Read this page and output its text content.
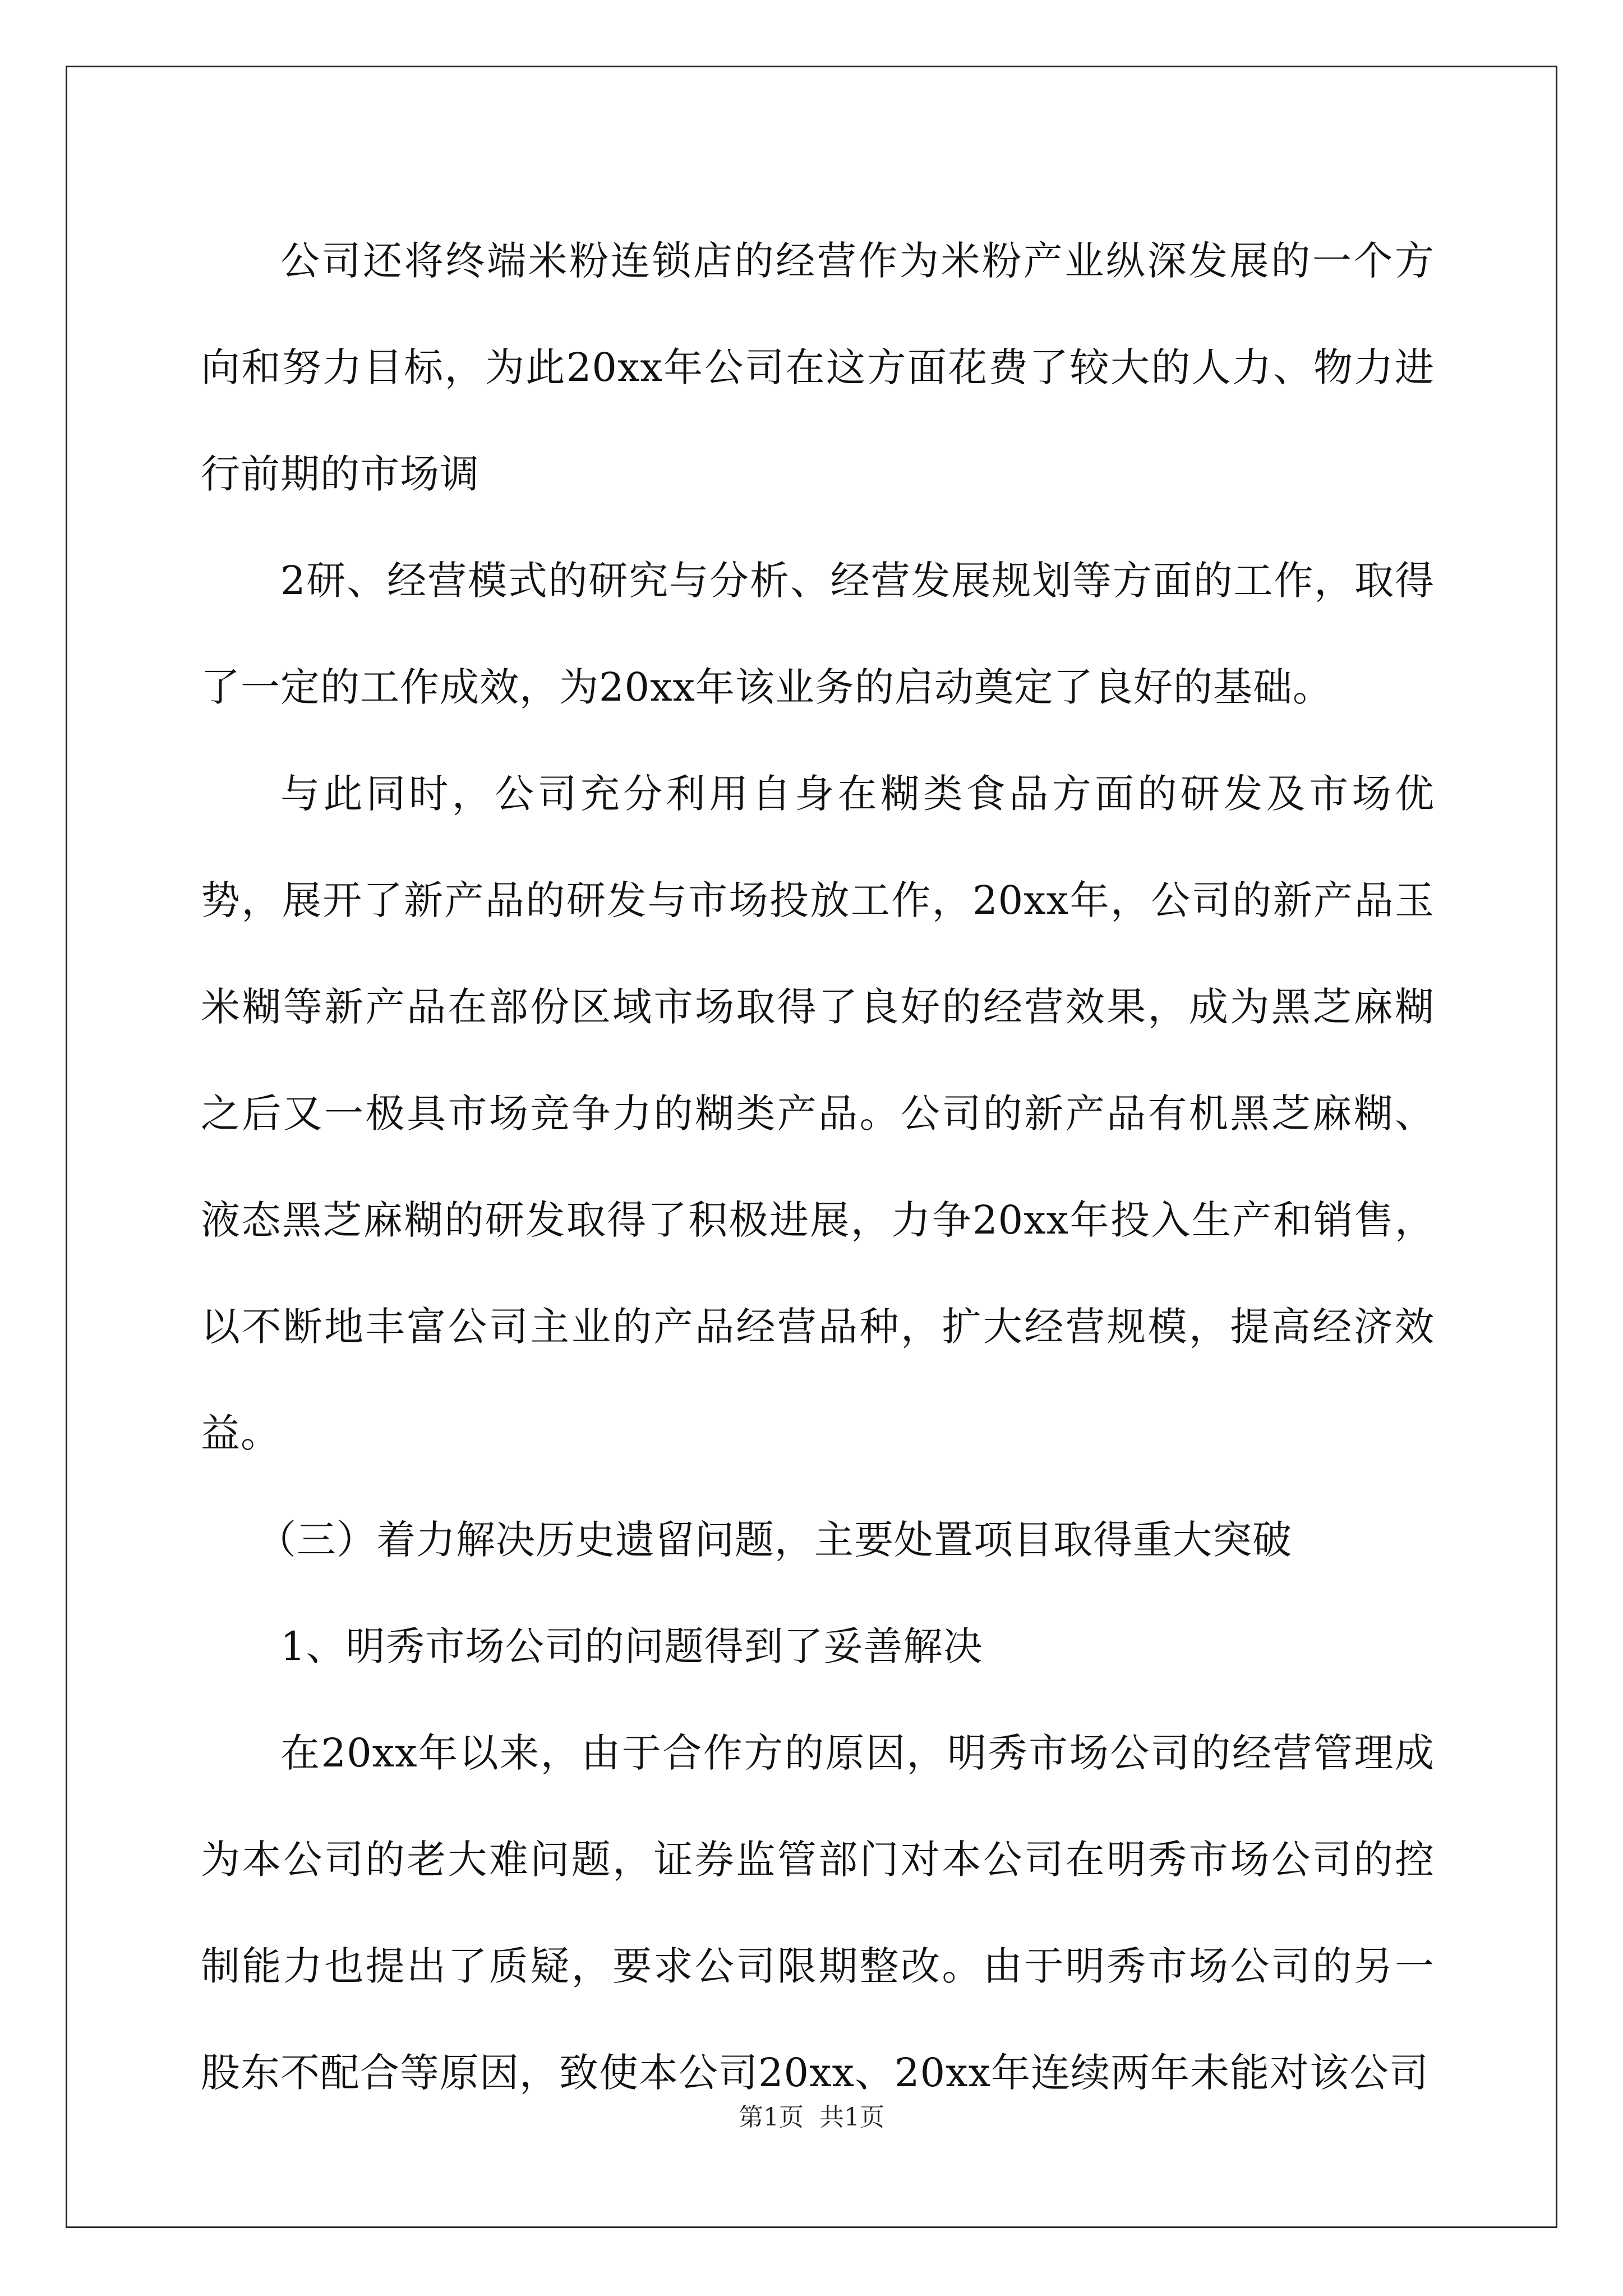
公司还将终端米粉连锁店的经营作为米粉产业纵深发展的一个方向和努力目标，为此20xx年公司在这方面花费了较大的人力、物力进行前期的市场调

2研、经营模式的研究与分析、经营发展规划等方面的工作，取得了一定的工作成效，为20xx年该业务的启动奠定了良好的基础。

与此同时，公司充分利用自身在糊类食品方面的研发及市场优势，展开了新产品的研发与市场投放工作，20xx年，公司的新产品玉米糊等新产品在部份区域市场取得了良好的经营效果，成为黑芝麻糊之后又一极具市场竞争力的糊类产品。公司的新产品有机黑芝麻糊、液态黑芝麻糊的研发取得了积极进展，力争20xx年投入生产和销售，以不断地丰富公司主业的产品经营品种，扩大经营规模，提高经济效益。

（三）着力解决历史遗留问题，主要处置项目取得重大突破

1、明秀市场公司的问题得到了妥善解决

在20xx年以来，由于合作方的原因，明秀市场公司的经营管理成为本公司的老大难问题，证券监管部门对本公司在明秀市场公司的控制能力也提出了质疑，要求公司限期整改。由于明秀市场公司的另一股东不配合等原因，致使本公司20xx、20xx年连续两年未能对该公司

第1页 共1页
